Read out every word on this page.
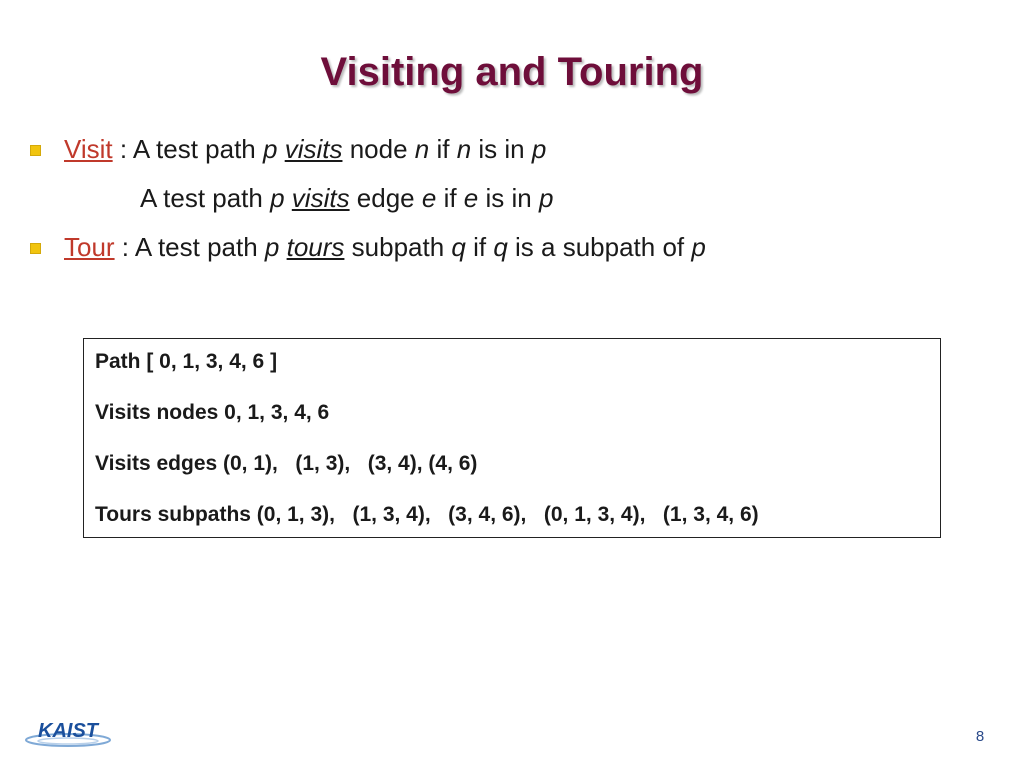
Visiting and Touring
Visit : A test path p visits node n if n is in p
A test path p visits edge e if e is in p
Tour : A test path p tours subpath q if q is a subpath of p
Path [ 0, 1, 3, 4, 6 ]
Visits nodes 0, 1, 3, 4, 6
Visits edges (0, 1),   (1, 3),   (3, 4), (4, 6)
Tours subpaths (0, 1, 3),   (1, 3, 4),   (3, 4, 6),   (0, 1, 3, 4),   (1, 3, 4, 6)
KAIST	8
